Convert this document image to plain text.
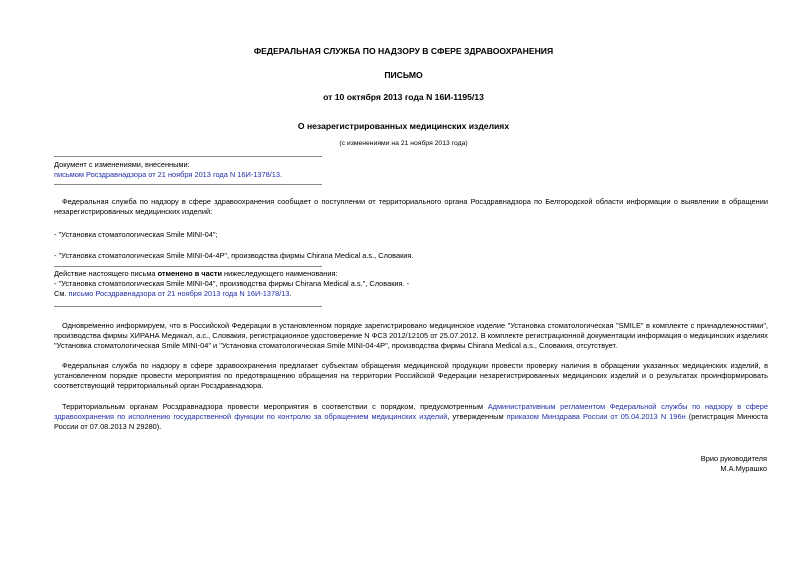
ФЕДЕРАЛЬНАЯ СЛУЖБА ПО НАДЗОРУ В СФЕРЕ ЗДРАВООХРАНЕНИЯ
ПИСЬМО
от 10 октября 2013 года N 16И-1195/13
О незарегистрированных медицинских изделиях
(с изменениями на 21 ноября 2013 года)
Документ с изменениями, внесенными:
письмом Росздравнадзора от 21 ноября 2013 года N 16И-1378/13.
Федеральная служба по надзору в сфере здравоохранения сообщает о поступлении от территориального органа Росздравнадзора по Белгородской области информации о выявлении в обращении незарегистрированных медицинских изделий:
- "Установка стоматологическая Smile MINI-04";
- "Установка стоматологическая Smile MINI-04-4P", производства фирмы Chirana Medical a.s., Словакия.
Действие настоящего письма отменено в части нижеследующего наименования:
- "Установка стоматологическая Smile MINI-04", производства фирмы Chirana Medical a.s.", Словакия. -
См. письмо Росздравнадзора от 21 ноября 2013 года N 16И-1378/13.
Одновременно информируем, что в Российской Федерации в установленном порядке зарегистрировано медицинское изделие "Установка стоматологическая "SMILE" в комплекте с принадлежностями", производства фирмы ХИРАНА Медикал, а.с., Словакия, регистрационное удостоверение N ФСЗ 2012/12105 от 25.07.2012. В комплекте регистрационной документации информация о медицинских изделиях "Установка стоматологическая Smile MINI-04" и "Установка стоматологическая Smile MINI-04-4P", производства фирмы Chirana Medical a.s., Словакия, отсутствует.
Федеральная служба по надзору в сфере здравоохранения предлагает субъектам обращения медицинской продукции провести проверку наличия в обращении указанных медицинских изделий, в установленном порядке провести мероприятия по предотвращению обращения на территории Российской Федерации незарегистрированных медицинских изделий и о результатах проинформировать соответствующий территориальный орган Росздравнадзора.
Территориальным органам Росздравнадзора провести мероприятия в соответствии с порядком, предусмотренным Административным регламентом Федеральной службы по надзору в сфере здравоохранения по исполнению государственной функции по контролю за обращением медицинских изделий, утвержденным приказом Минздрава России от 05.04.2013 N 196н (регистрация Минюста России от 07.08.2013 N 29280).
Врио руководителя
М.А.Мурашко
